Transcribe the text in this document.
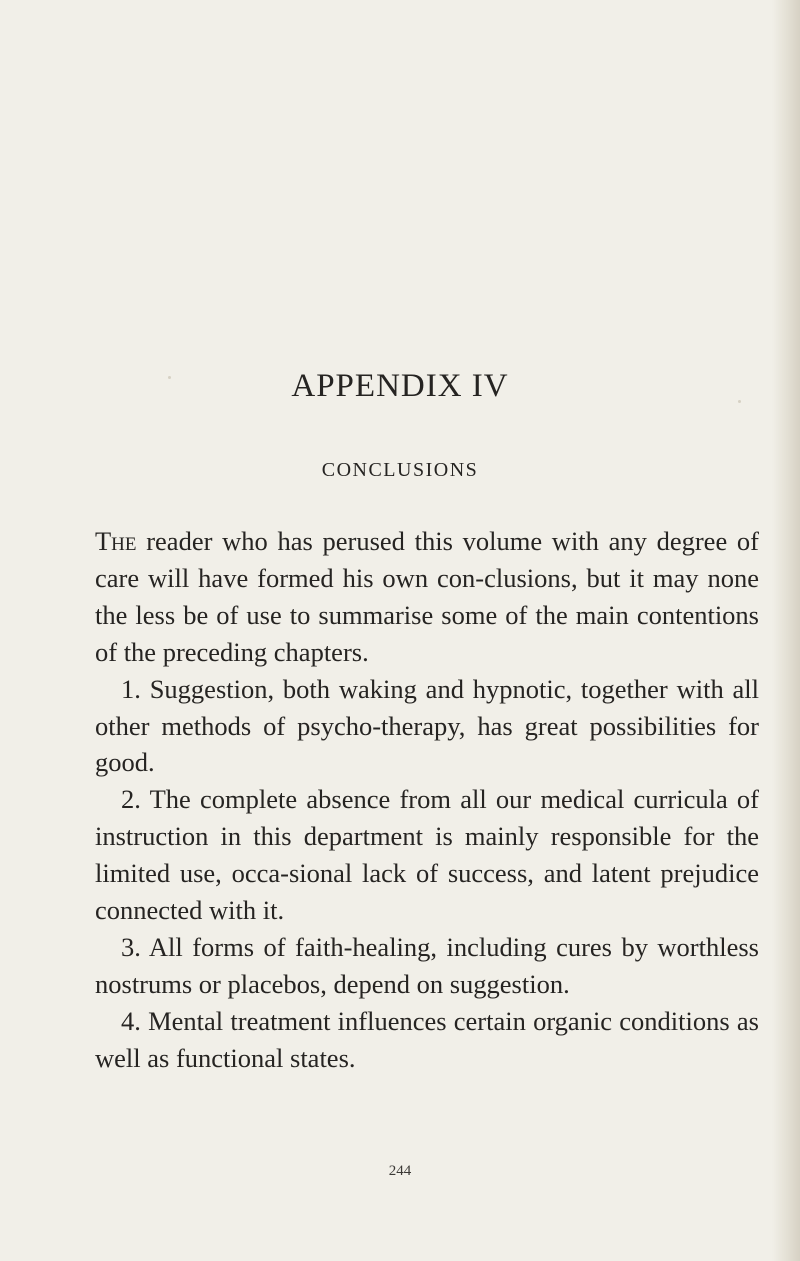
APPENDIX IV
CONCLUSIONS

The reader who has perused this volume with any degree of care will have formed his own con-clusions, but it may none the less be of use to summarise some of the main contentions of the preceding chapters.

1. Suggestion, both waking and hypnotic, together with all other methods of psycho-therapy, has great possibilities for good.

2. The complete absence from all our medical curricula of instruction in this department is mainly responsible for the limited use, occa-sional lack of success, and latent prejudice connected with it.

3. All forms of faith-healing, including cures by worthless nostrums or placebos, depend on suggestion.

4. Mental treatment influences certain organic conditions as well as functional states.

244
